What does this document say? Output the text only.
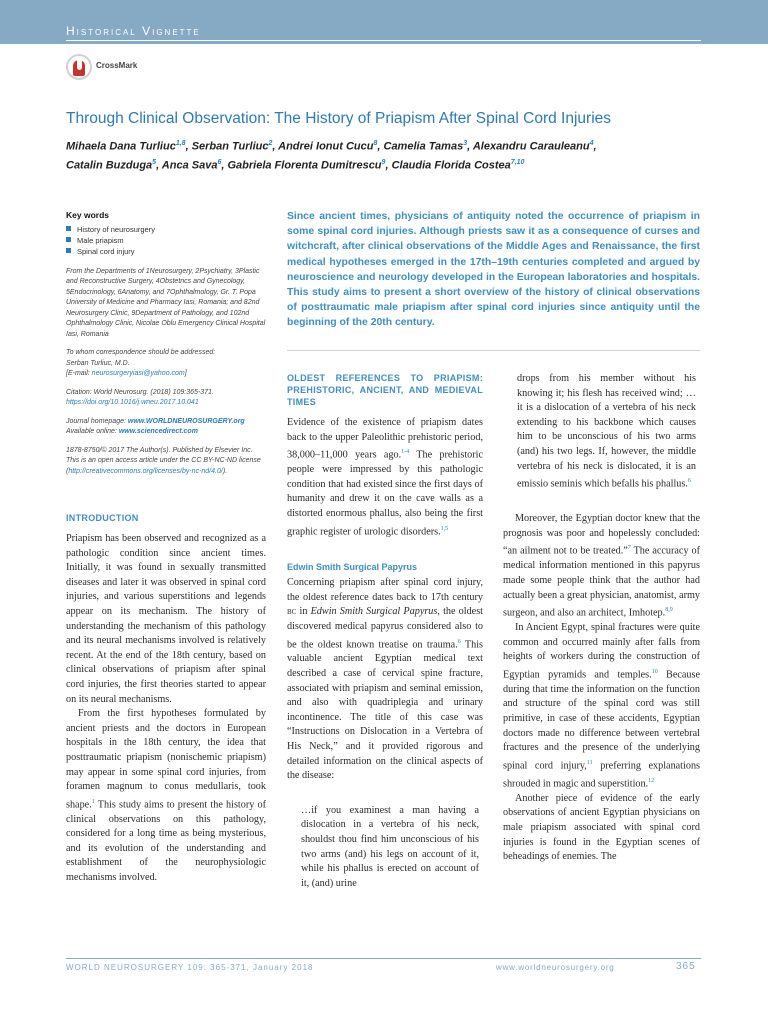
Historical Vignette
CrossMark
Through Clinical Observation: The History of Priapism After Spinal Cord Injuries
Mihaela Dana Turliuc$^{1,8}$, Serban Turliuc$^2$, Andrei Ionut Cucu$^8$, Camelia Tamas$^3$, Alexandru Carauleanu$^4$,
Catalin Buzduga$^5$, Anca Sava$^6$, Gabriela Florenta Dumitrescu$^9$, Claudia Florida Costea$^{7,10}$
Key words
History of neurosurgery
Male priapism
Spinal cord injury

From the Departments of 1Neurosurgery, 2Psychiatry, 3Plastic and Reconstructive Surgery, 4Obstetrics and Gynecology, 5Endocrinology, 6Anatomy, and 7Ophthalmology, Gr. T. Popa University of Medicine and Pharmacy Iasi, Romania; and 82nd Neurosurgery Clinic, 9Department of Pathology, and 102nd Ophthalmology Clinic, Nicolae Oblu Emergency Clinical Hospital Iasi, Romania

To whom correspondence should be addressed:
Serban Turliuc, M.D.
[E-mail: neurosurgeryiasi@yahoo.com]

Citation: World Neurosurg. (2018) 109:365-371.
https://doi.org/10.1016/j.wneu.2017.10.041

Journal homepage: www.WORLDNEUROSURGERY.org
Available online: www.sciencedirect.com

1878-8750/© 2017 The Author(s). Published by Elsevier Inc. This is an open access article under the CC BY-NC-ND license (http://creativecommons.org/licenses/by-nc-nd/4.0/).

Since ancient times, physicians of antiquity noted the occurrence of priapism in some spinal cord injuries. Although priests saw it as a consequence of curses and witchcraft, after clinical observations of the Middle Ages and Renaissance, the first medical hypotheses emerged in the 17th–19th centuries completed and argued by neuroscience and neurology developed in the European laboratories and hospitals. This study aims to present a short overview of the history of clinical observations of posttraumatic male priapism after spinal cord injuries since antiquity until the beginning of the 20th century.
INTRODUCTION

Priapism has been observed and recognized as a pathologic condition since ancient times. Initially, it was found in sexually transmitted diseases and later it was observed in spinal cord injuries, and various superstitions and legends appear on its mechanism. The history of understanding the mechanism of this pathology and its neural mechanisms involved is relatively recent. At the end of the 18th century, based on clinical observations of priapism after spinal cord injuries, the first theories started to appear on its neural mechanisms.

From the first hypotheses formulated by ancient priests and the doctors in European hospitals in the 18th century, the idea that posttraumatic priapism (nonischemic priapism) may appear in some spinal cord injuries, from foramen magnum to conus medullaris, took shape.$^1$ This study aims to present the history of clinical observations on this pathology, considered for a long time as being mysterious, and its evolution of the understanding and establishment of the neurophysiologic mechanisms involved.

OLDEST REFERENCES TO PRIAPISM: PREHISTORIC, ANCIENT, AND MEDIEVAL TIMES

Evidence of the existence of priapism dates back to the upper Paleolithic prehistoric period, 38,000–11,000 years ago.$^{1-4}$ The prehistoric people were impressed by this pathologic condition that had existed since the first days of humanity and drew it on the cave walls as a distorted enormous phallus, also being the first graphic register of urologic disorders.$^{1,5}$

Edwin Smith Surgical Papyrus

Concerning priapism after spinal cord injury, the oldest reference dates back to 17th century bc in Edwin Smith Surgical Papyrus, the oldest discovered medical papyrus considered also to be the oldest known treatise on trauma.$^6$ This valuable ancient Egyptian medical text described a case of cervical spine fracture, associated with priapism and seminal emission, and also with quadriplegia and urinary incontinence. The title of this case was “Instructions on Dislocation in a Vertebra of His Neck,” and it provided rigorous and detailed information on the clinical aspects of the disease:

…if you examinest a man having a dislocation in a vertebra of his neck, shouldst thou find him unconscious of his two arms (and) his legs on account of it, while his phallus is erected on account of it, (and) urine

drops from his member without his knowing it; his flesh has received wind; …it is a dislocation of a vertebra of his neck extending to his backbone which causes him to be unconscious of his two arms (and) his two legs. If, however, the middle vertebra of his neck is dislocated, it is an emissio seminis which befalls his phallus.$^6$

Moreover, the Egyptian doctor knew that the prognosis was poor and hopelessly concluded: “an ailment not to be treated.”$^7$ The accuracy of medical information mentioned in this papyrus made some people think that the author had actually been a great physician, anatomist, army surgeon, and also an architect, Imhotep.$^{8,9}$

In Ancient Egypt, spinal fractures were quite common and occurred mainly after falls from heights of workers during the construction of Egyptian pyramids and temples.$^{10}$ Because during that time the information on the function and structure of the spinal cord was still primitive, in case of these accidents, Egyptian doctors made no difference between vertebral fractures and the presence of the underlying spinal cord injury,$^{11}$ preferring explanations shrouded in magic and superstition.$^{12}$

Another piece of evidence of the early observations of ancient Egyptian physicians on male priapism associated with spinal cord injuries is found in the Egyptian scenes of beheadings of enemies. The

WORLD NEUROSURGERY 109: 365-371, January 2018	www.worldneurosurgery.org	365
